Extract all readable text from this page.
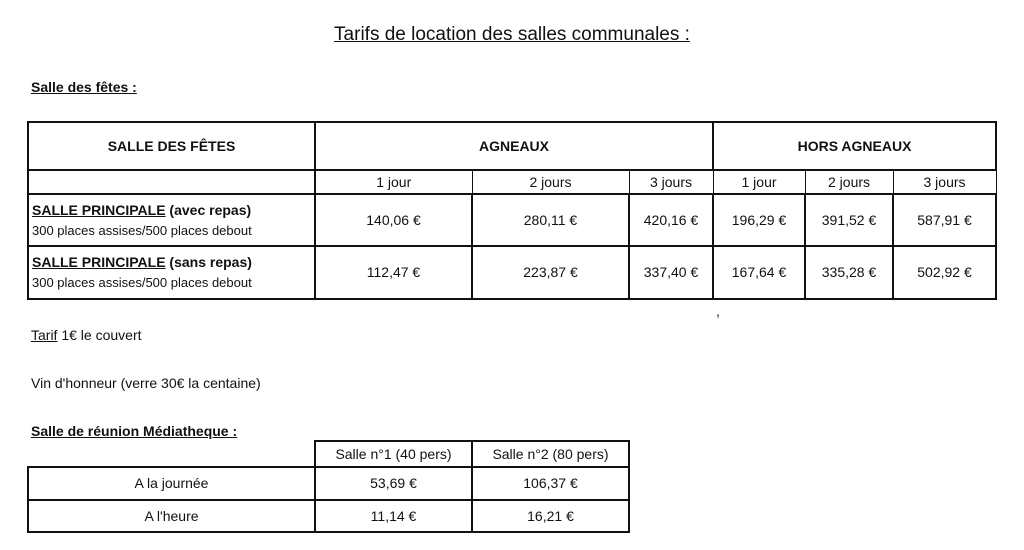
Tarifs de location des salles communales :
Salle des fêtes :
SALLE DES FÊTES	AGNEAUX			HORS AGNEAUX		
	1 jour	2 jours	3 jours	1 jour	2 jours	3 jours

SALLE PRINCIPALE (avec repas)
300 places assises/500 places debout	140,06 €	280,11 €	420,16 €	196,29 €	391,52 €	587,91 €

SALLE PRINCIPALE (sans repas)
300 places assises/500 places debout	112,47 €	223,87 €	337,40 €	167,64 €	335,28 €	502,92 €
,
Tarif 1€ le couvert
Vin d'honneur (verre 30€ la centaine)
Salle de réunion Médiatheque :
	Salle n°1 (40 pers)	Salle n°2 (80 pers)
A la journée	53,69 €	106,37 €
A l'heure	11,14 €	16,21 €
